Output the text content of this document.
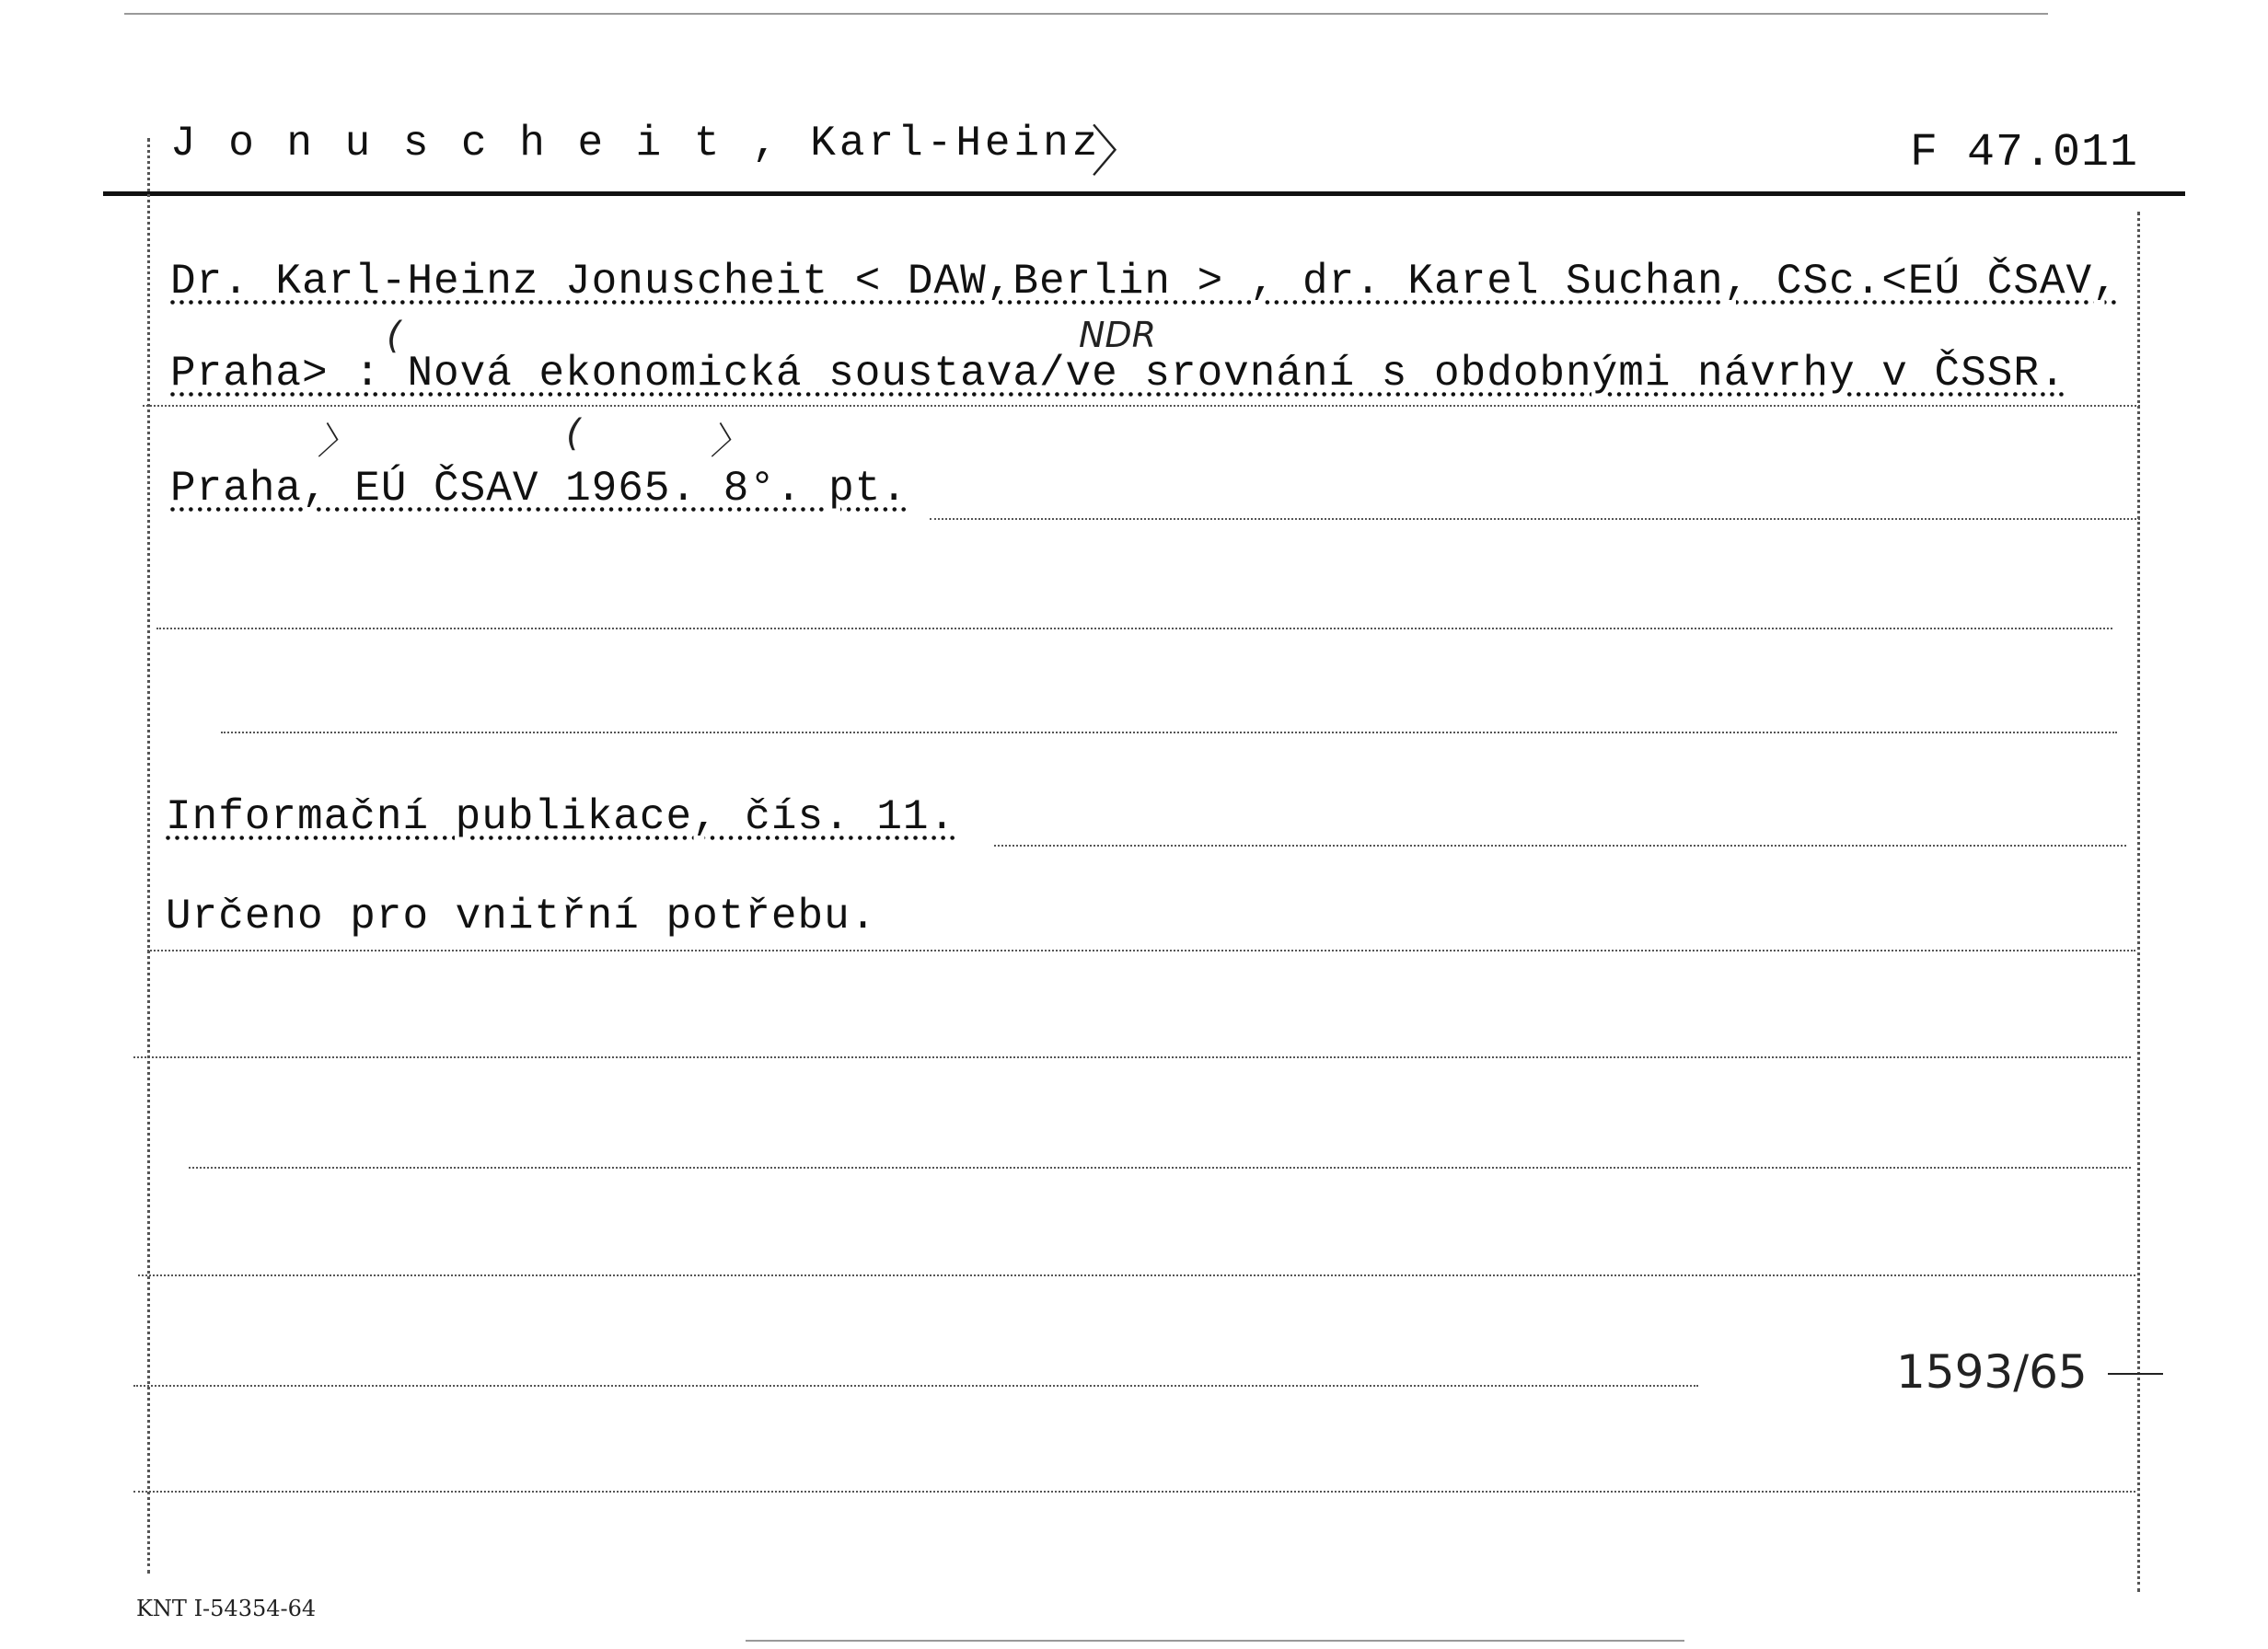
J o n u s c h e i t , Karl-Heinz
〉	F 47.011
NDR
(
〉	(	〉
Dr. Karl-Heinz Jonuscheit < DAW,Berlin > , dr. Karel Suchan, CSc.<EÚ ČSAV,
Praha> : Nová ekonomická soustava/ve srovnání s obdobnými návrhy v ČSSR.
Praha, EÚ ČSAV 1965. 8°. pt.
Informační publikace, čís. 11.
Určeno pro vnitřní potřebu.
1593/65
KNT I-54354-64
